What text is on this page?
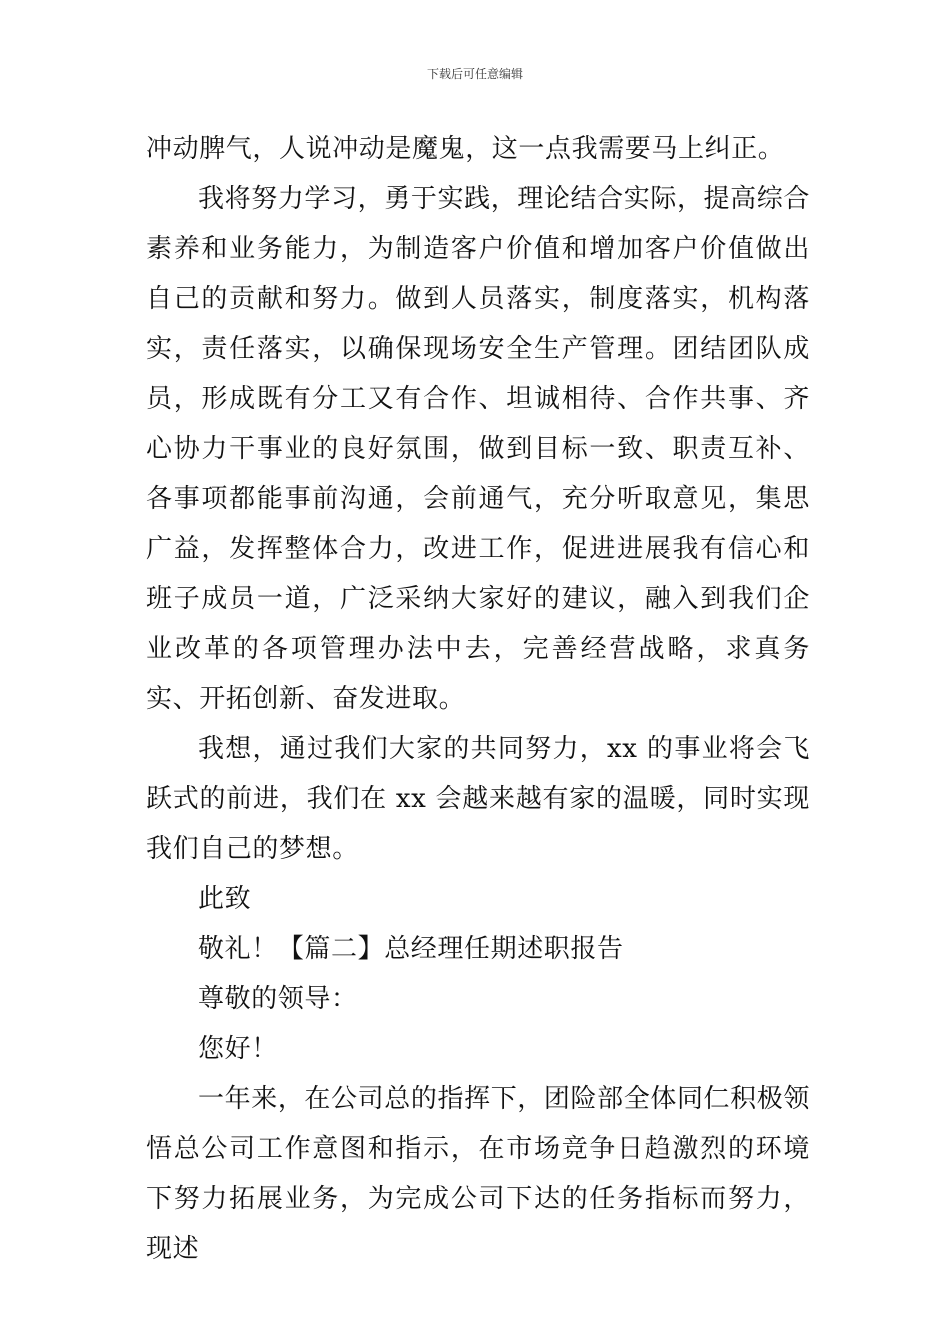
下载后可任意编辑

冲动脾气，人说冲动是魔鬼，这一点我需要马上纠正。

我将努力学习，勇于实践，理论结合实际，提高综合素养和业务能力，为制造客户价值和增加客户价值做出自己的贡献和努力。做到人员落实，制度落实，机构落实，责任落实，以确保现场安全生产管理。团结团队成员，形成既有分工又有合作、坦诚相待、合作共事、齐心协力干事业的良好氛围，做到目标一致、职责互补、各事项都能事前沟通，会前通气，充分听取意见，集思广益，发挥整体合力，改进工作，促进进展我有信心和班子成员一道，广泛采纳大家好的建议，融入到我们企业改革的各项管理办法中去，完善经营战略，求真务实、开拓创新、奋发进取。

我想，通过我们大家的共同努力，xx 的事业将会飞跃式的前进，我们在 xx 会越来越有家的温暖，同时实现我们自己的梦想。

此致

敬礼！【篇二】总经理任期述职报告

尊敬的领导：

您好！

一年来，在公司总的指挥下，团险部全体同仁积极领悟总公司工作意图和指示，在市场竞争日趋激烈的环境下努力拓展业务，为完成公司下达的任务指标而努力，现述
